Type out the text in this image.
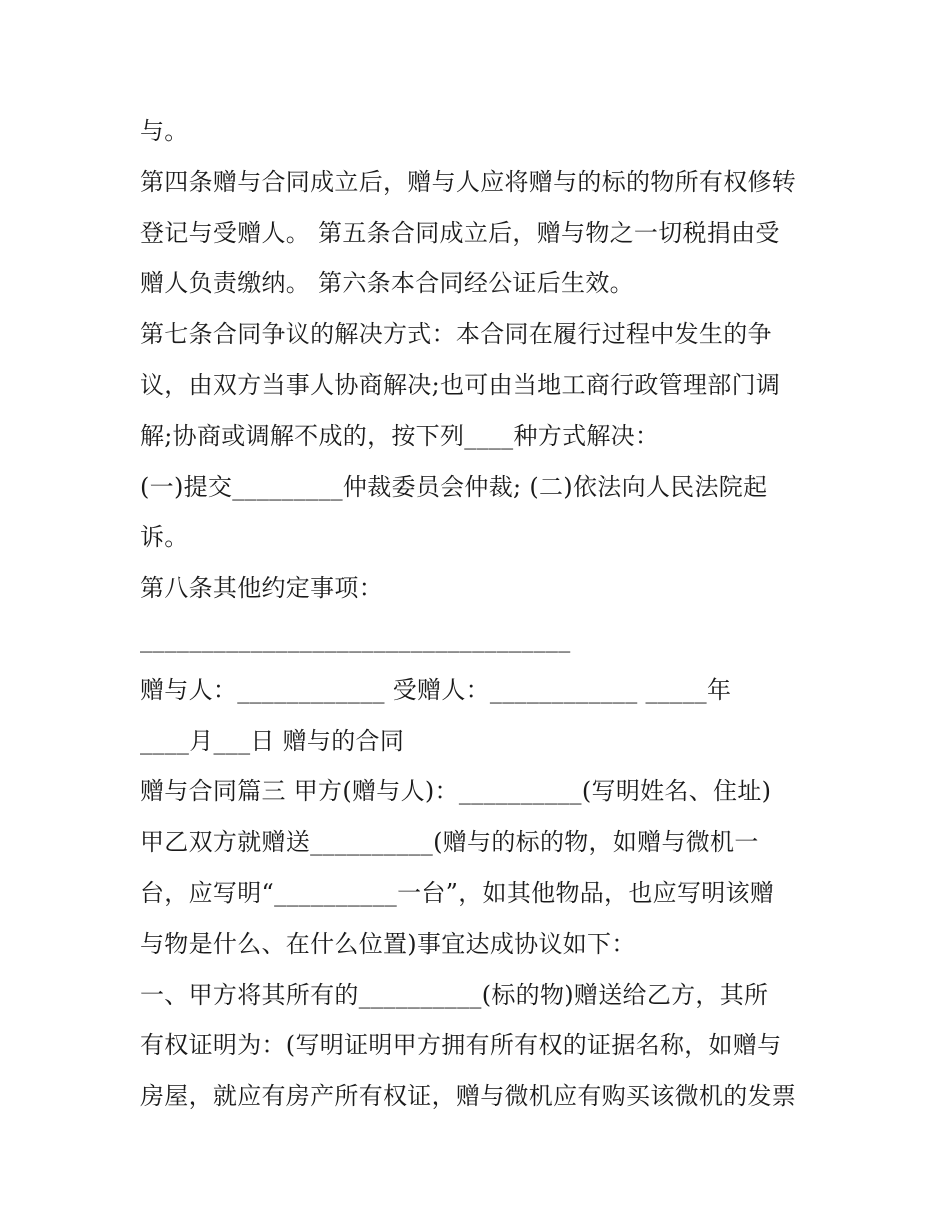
与。
第四条赠与合同成立后，赠与人应将赠与的标的物所有权修转
登记与受赠人。 第五条合同成立后，赠与物之一切税捐由受
赠人负责缴纳。 第六条本合同经公证后生效。
第七条合同争议的解决方式：本合同在履行过程中发生的争
议，由双方当事人协商解决;也可由当地工商行政管理部门调
解;协商或调解不成的，按下列____种方式解决：
(一)提交_________仲裁委员会仲裁; (二)依法向人民法院起
诉。
第八条其他约定事项：
___________________________________
赠与人：____________ 受赠人：____________ _____年
____月___日 赠与的合同
赠与合同篇三 甲方(赠与人)：__________(写明姓名、住址)
甲乙双方就赠送__________(赠与的标的物，如赠与微机一
台，应写明“__________一台”，如其他物品，也应写明该赠
与物是什么、在什么位置)事宜达成协议如下：
一、甲方将其所有的__________(标的物)赠送给乙方，其所
有权证明为：(写明证明甲方拥有所有权的证据名称，如赠与
房屋，就应有房产所有权证，赠与微机应有购买该微机的发票
